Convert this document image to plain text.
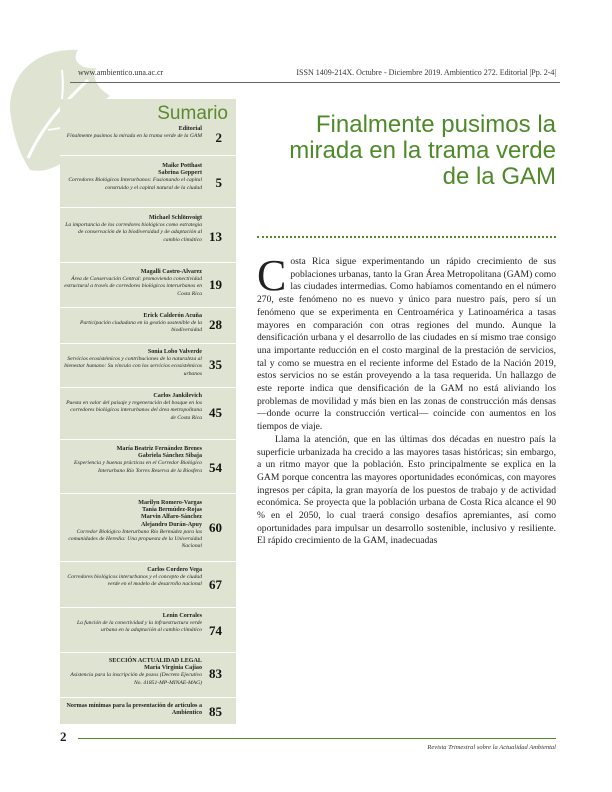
www.ambientico.una.ac.cr	ISSN 1409-214X. Octubre - Diciembre 2019. Ambientico 272. Editorial |Pp. 2-4|
Sumario
Editorial
Finalmente pusimos la mirada en la trama verde de la GAM 2
Maike Potthast
Sabrina Geppert
Corredores Biológicos Interurbanos: Fusionando el capital construido y el capital natural de la ciudad 5
Michael Schlönvoigt
La importancia de los corredores biológicos como estrategia de conservación de la biodiversidad y de adaptación al cambio climático 13
Magalli Castro-Alvarez
Área de Conservación Central: promoviendo conectividad estructural a través de corredores biológicos interurbanos en Costa Rica
19
Erick Calderón Acuña
Participación ciudadana en la gestión sostenible de la biodiversidad 28
Sonia Lobo Valverde
Servicios ecosistémicos y contribuciones de la naturaleza al bienestar humano: Su vínculo con los servicios ecosistémicos urbanos
35
Carlos Jankilevich
Puesta en valor del paisaje y regeneración del bosque en los corredores biológicos interurbanos del área metropolitana de Costa Rica 45
María Beatriz Fernández Brenes
Gabriela Sánchez Sibaja
Experiencia y buenas prácticas en el Corredor Biológico Interurbano Río Torres Reserva de la Biosfera 54
Marilyn Romero-Vargas
Tania Bermúdez-Rojas
Marvin Alfaro-Sánchez
Alejandro Durán-Apuy
Corredor Biológico Interurbano Río Bermúdez para las comunidades de Heredia: Una propuesta de la Universidad Nacional
60
Carlos Cordero Vega
Corredores biológicos interurbanos y el concepto de ciudad verde en el modelo de desarrollo nacional 67
Lenin Corrales
La función de la conectividad y la infraestructura verde urbana en la adaptación al cambio climático 74
SECCIÓN ACTUALIDAD LEGAL
María Virginia Cajiao
Asistencia para la inscripción de pozos (Decreto Ejecutivo No. 41851-MP-MINAE-MAG)
83
Normas mínimas para la presentación de artículos a Ambientico 85
Finalmente pusimos la mirada en la trama verde de la GAM

Costa Rica sigue experimentando un rápido crecimiento de sus poblaciones urbanas, tanto la Gran Área Metropolitana (GAM) como las ciudades intermedias. Como habíamos comentando en el número 270, este fenómeno no es nuevo y único para nuestro país, pero sí un fenómeno que se experimenta en Centroamérica y Latinoamérica a tasas mayores en comparación con otras regiones del mundo. Aunque la densificación urbana y el desarrollo de las ciudades en sí mismo trae consigo una importante reducción en el costo marginal de la prestación de servicios, tal y como se muestra en el reciente informe del Estado de la Nación 2019, estos servicios no se están proveyendo a la tasa requerida. Un hallazgo de este reporte indica que densificación de la GAM no está aliviando los problemas de movilidad y más bien en las zonas de construcción más densas —donde ocurre la construcción vertical— coincide con aumentos en los tiempos de viaje.

Llama la atención, que en las últimas dos décadas en nuestro país la superficie urbanizada ha crecido a las mayores tasas históricas; sin embargo, a un ritmo mayor que la población. Esto principalmente se explica en la GAM porque concentra las mayores oportunidades económicas, con mayores ingresos per cápita, la gran mayoría de los puestos de trabajo y de actividad económica. Se proyecta que la población urbana de Costa Rica alcance el 90 % en el 2050, lo cual traerá consigo desafíos apremiantes, así como oportunidades para impulsar un desarrollo sostenible, inclusivo y resiliente. El rápido crecimiento de la GAM, inadecuadas

2
Revista Trimestral sobre la Actualidad Ambiental
